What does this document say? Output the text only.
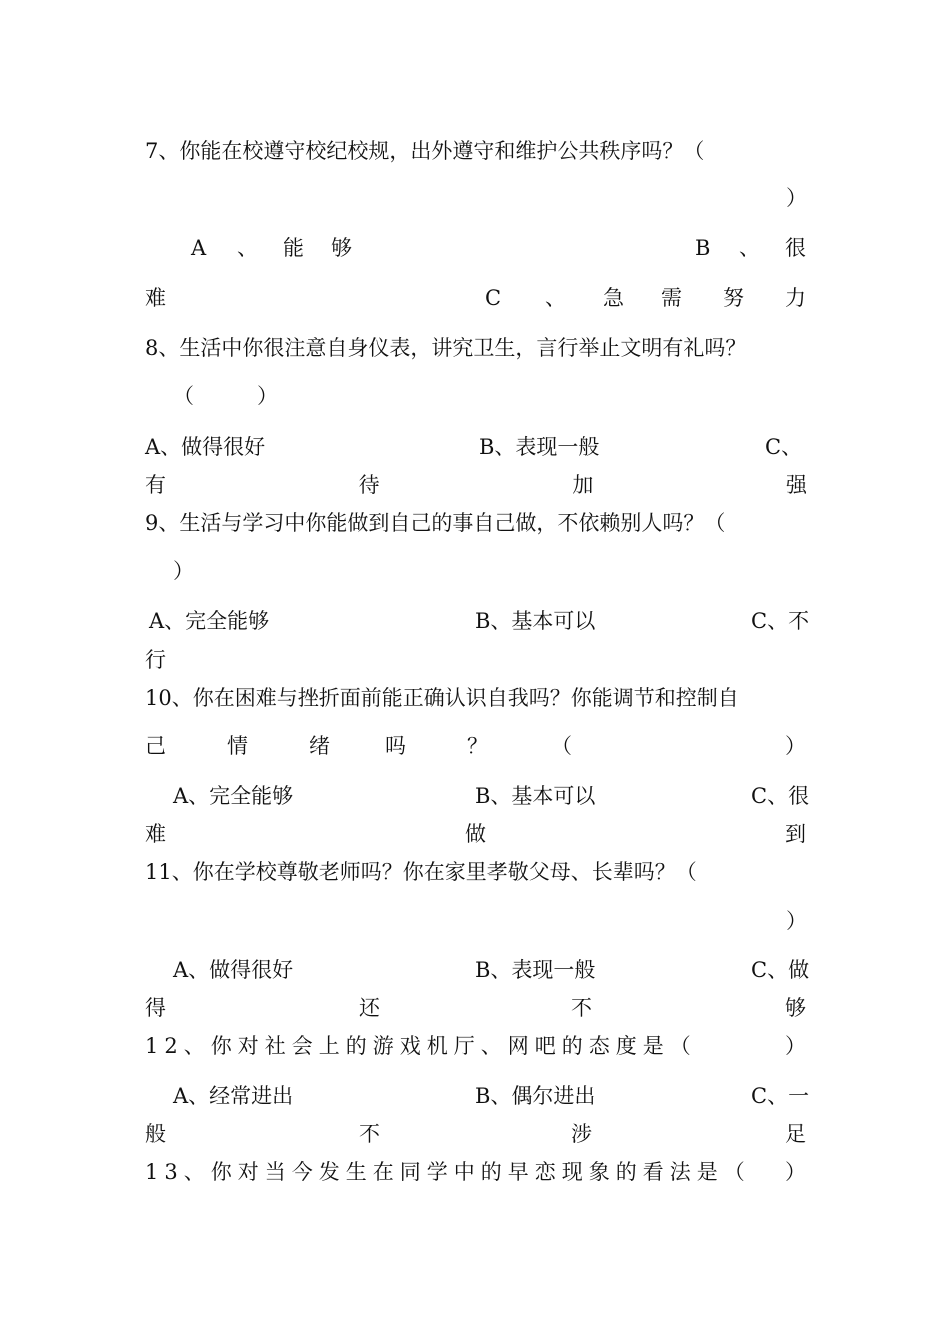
7、你能在校遵守校纪校规，出外遵守和维护公共秩序吗？（
）
A 、 能 够	B 、 很
难	C 、 急 需 努 力
8、生活中你很注意自身仪表，讲究卫生，言行举止文明有礼吗？
（　　　）
A、做得很好	B、表现一般	C、
有	待	加	强
9、生活与学习中你能做到自己的事自己做，不依赖别人吗？（
）
A、完全能够	B、基本可以	C、不
行
10、你在困难与挫折面前能正确认识自我吗？你能调节和控制自
己	情	绪	吗	？	（	）
A、完全能够	B、基本可以	C、很
难	做	到
11、你在学校尊敬老师吗？你在家里孝敬父母、长辈吗？（
）
A、做得很好	B、表现一般	C、做
得	还	不	够
12、你对社会上的游戏机厅、网吧的态度是（	）
A、经常进出	B、偶尔进出	C、一
般	不	涉	足
13、你对当今发生在同学中的早恋现象的看法是（ ）
